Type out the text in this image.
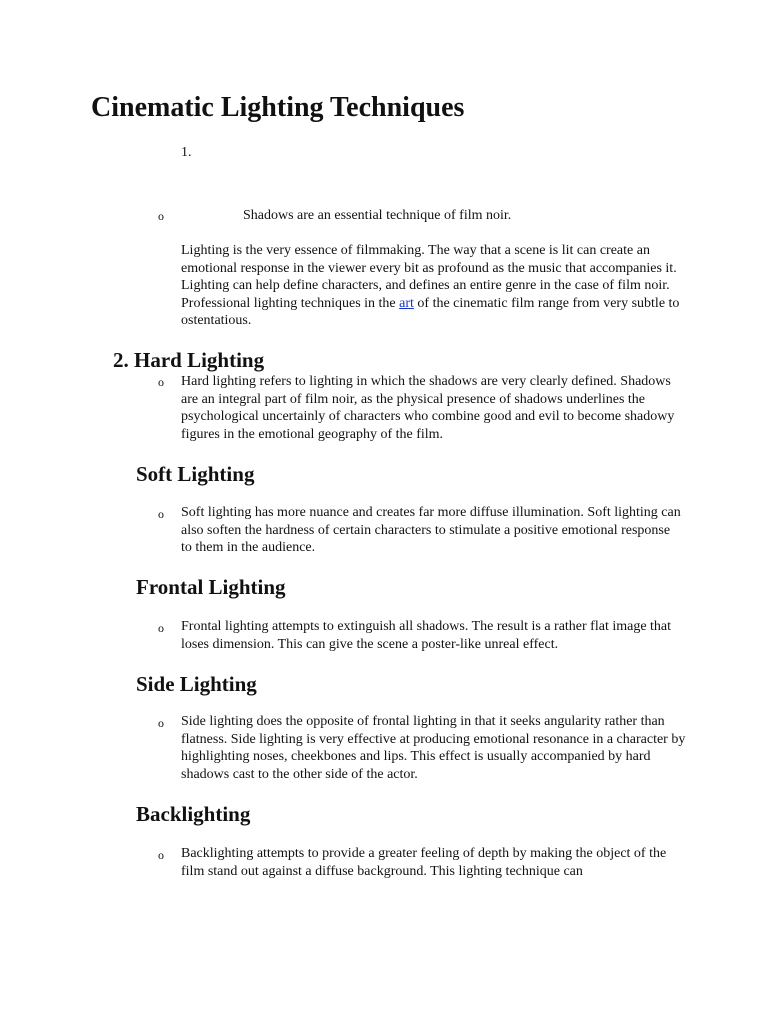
Cinematic Lighting Techniques
1.
o	Shadows are an essential technique of film noir.

Lighting is the very essence of filmmaking. The way that a scene is lit can create an emotional response in the viewer every bit as profound as the music that accompanies it. Lighting can help define characters, and defines an entire genre in the case of film noir. Professional lighting techniques in the art of the cinematic film range from very subtle to ostentatious.

2. Hard Lighting
o Hard lighting refers to lighting in which the shadows are very clearly defined. Shadows are an integral part of film noir, as the physical presence of shadows underlines the psychological uncertainly of characters who combine good and evil to become shadowy figures in the emotional geography of the film.

Soft Lighting
o Soft lighting has more nuance and creates far more diffuse illumination. Soft lighting can also soften the hardness of certain characters to stimulate a positive emotional response to them in the audience.

Frontal Lighting
o Frontal lighting attempts to extinguish all shadows. The result is a rather flat image that loses dimension. This can give the scene a poster-like unreal effect.

Side Lighting
o Side lighting does the opposite of frontal lighting in that it seeks angularity rather than flatness. Side lighting is very effective at producing emotional resonance in a character by highlighting noses, cheekbones and lips. This effect is usually accompanied by hard shadows cast to the other side of the actor.

Backlighting
o Backlighting attempts to provide a greater feeling of depth by making the object of the film stand out against a diffuse background. This lighting technique can
